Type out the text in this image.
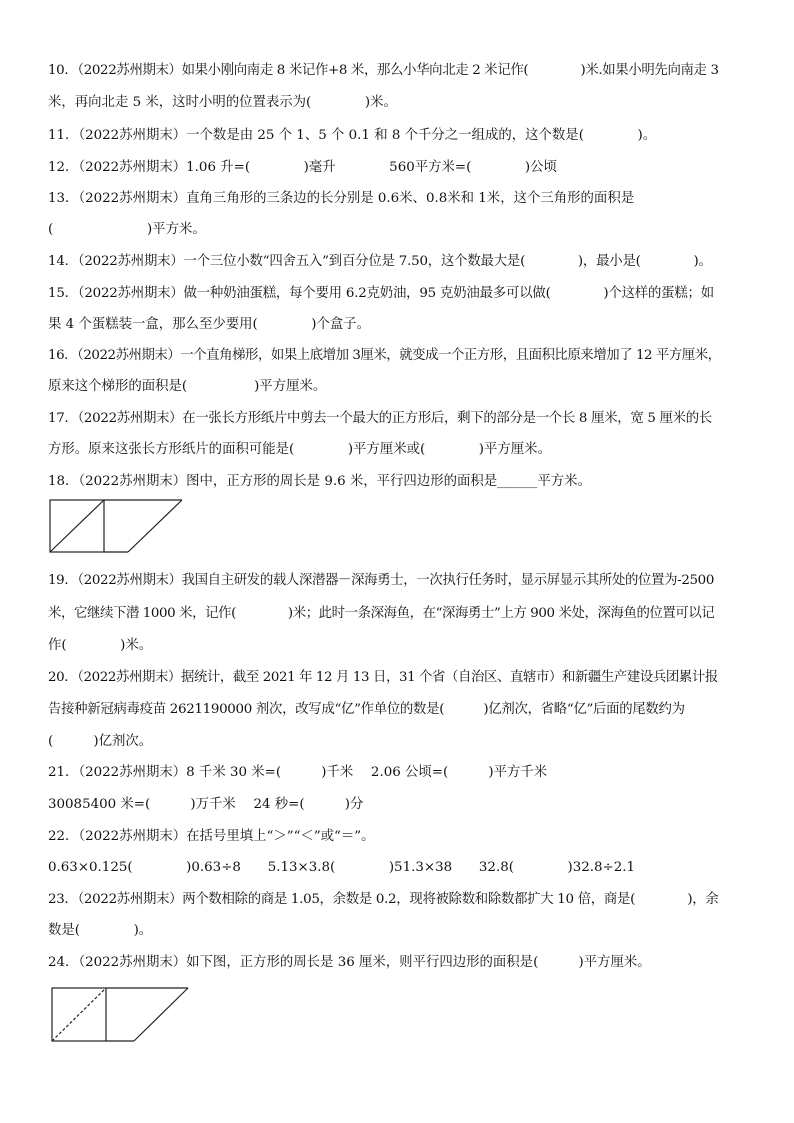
10．（2022苏州期末）如果小刚向南走 8 米记作+8 米，那么小华向北走 2 米记作(　　　　)米.如果小明先向南走 3
米，再向北走 5 米，这时小明的位置表示为(　　　　)米。
11．（2022苏州期末）一个数是由 25 个 1、5 个 0.1 和 8 个千分之一组成的，这个数是(　　　　)。
12．（2022苏州期末）1.06 升=(　　　　)毫升　　　　560平方米=(　　　　)公顷
13．（2022苏州期末）直角三角形的三条边的长分别是 0.6米、0.8米和 1米，这个三角形的面积是
(　　　　　　　)平方米。
14．（2022苏州期末）一个三位小数“四舍五入”到百分位是 7.50，这个数最大是(　　　　)，最小是(　　　　)。
15．（2022苏州期末）做一种奶油蛋糕，每个要用 6.2克奶油，95 克奶油最多可以做(　　　　)个这样的蛋糕；如
果 4 个蛋糕装一盒，那么至少要用(　　　　)个盒子。
16．（2022苏州期末）一个直角梯形，如果上底增加 3厘米，就变成一个正方形，且面积比原来增加了 12 平方厘米，
原来这个梯形的面积是(　　　　　)平方厘米。
17．（2022苏州期末）在一张长方形纸片中剪去一个最大的正方形后，剩下的部分是一个长 8 厘米，宽 5 厘米的长
方形。原来这张长方形纸片的面积可能是(　　　　)平方厘米或(　　　　)平方厘米。
18．（2022苏州期末）图中，正方形的周长是 9.6 米，平行四边形的面积是______平方米。
19．（2022苏州期末）我国自主研发的载人深潜器－深海勇士，一次执行任务时，显示屏显示其所处的位置为-2500
米，它继续下潜 1000 米，记作(　　　　)米；此时一条深海鱼，在“深海勇士”上方 900 米处，深海鱼的位置可以记
作(　　　　)米。
20．（2022苏州期末）据统计，截至 2021 年 12 月 13 日，31 个省（自治区、直辖市）和新疆生产建设兵团累计报
告接种新冠病毒疫苗 2621190000 剂次，改写成“亿”作单位的数是(　　　)亿剂次，省略“亿”后面的尾数约为
(　　　)亿剂次。
21．（2022苏州期末）8 千米 30 米=(　　　)千米　 2.06 公顷=(　　　)平方千米
30085400 米=(　　　)万千米　 24 秒=(　　　)分
22．（2022苏州期末）在括号里填上“＞”“＜”或“＝”。
0.63×0.125(　　　　)0.63÷8　　5.13×3.8(　　　　)51.3×38　　32.8(　　　　)32.8÷2.1
23．（2022苏州期末）两个数相除的商是 1.05，余数是 0.2，现将被除数和除数都扩大 10 倍，商是(　　　　)，余
数是(　　　　)。
24．（2022苏州期末）如下图，正方形的周长是 36 厘米，则平行四边形的面积是(　　　)平方厘米。
